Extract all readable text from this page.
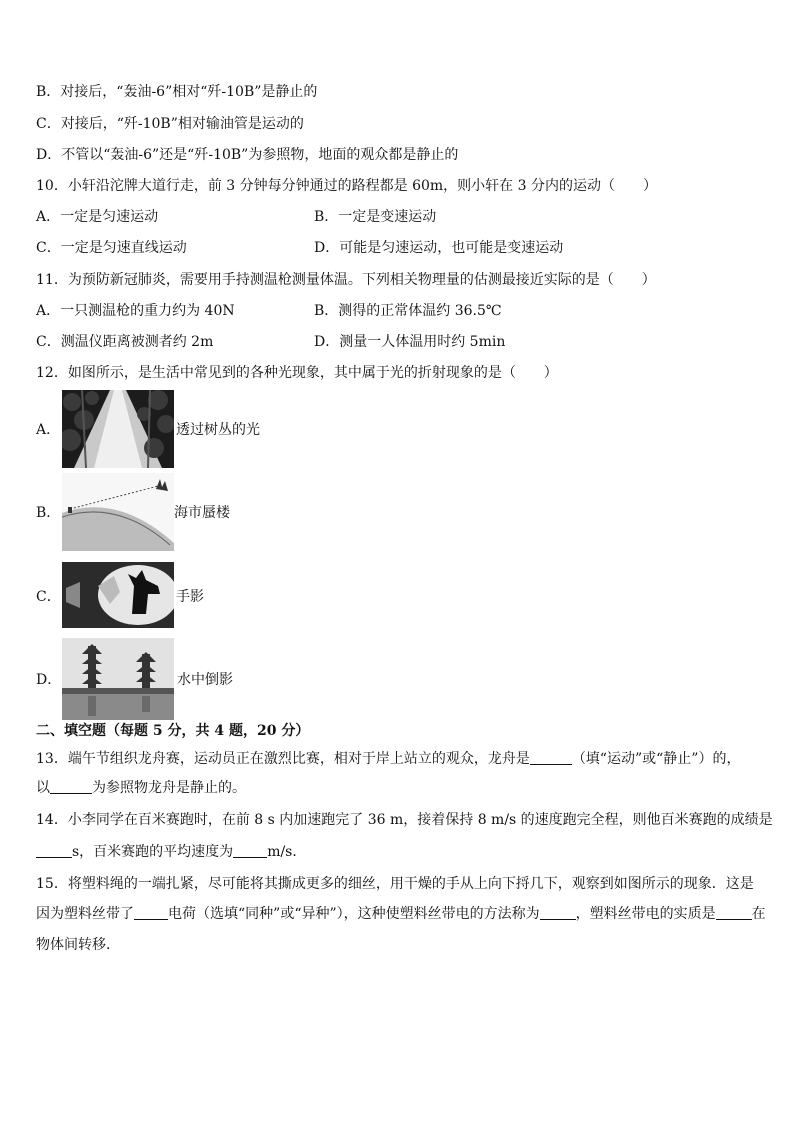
B．对接后，“轰油-6”相对“歼-10B”是静止的
C．对接后，“歼-10B”相对输油管是运动的
D．不管以“轰油-6”还是“歼-10B”为参照物，地面的观众都是静止的
10．小轩沿沱牌大道行走，前 3 分钟每分钟通过的路程都是 60m，则小轩在 3 分内的运动（　　）
A．一定是匀速运动	B．一定是变速运动
C．一定是匀速直线运动	D．可能是匀速运动，也可能是变速运动
11．为预防新冠肺炎，需要用手持测温枪测量体温。下列相关物理量的估测最接近实际的是（　　）
A．一只测温枪的重力约为 40N	B．测得的正常体温约 36.5℃
C．测温仪距离被测者约 2m	D．测量一人体温用时约 5min
12．如图所示，是生活中常见到的各种光现象，其中属于光的折射现象的是（　　）
A．	透过树丛的光
B．	海市蜃楼
C．	手影
D．	水中倒影
二、填空题（每题 5 分，共 4 题，20 分）
13．端午节组织龙舟赛，运动员正在激烈比赛，相对于岸上站立的观众，龙舟是	（填“运动”或“静止”）的，
以	为参照物龙舟是静止的。
14．小李同学在百米赛跑时，在前 8 s 内加速跑完了 36 m，接着保持 8 m/s 的速度跑完全程，则他百米赛跑的成绩是
s，百米赛跑的平均速度为 m/s．
15．将塑料绳的一端扎紧，尽可能将其撕成更多的细丝，用干燥的手从上向下捋几下，观察到如图所示的现象．这是
因为塑料丝带了 电荷（选填“同种”或“异种”），这种使塑料丝带电的方法称为	，塑料丝带电的实质是	在
物体间转移．
